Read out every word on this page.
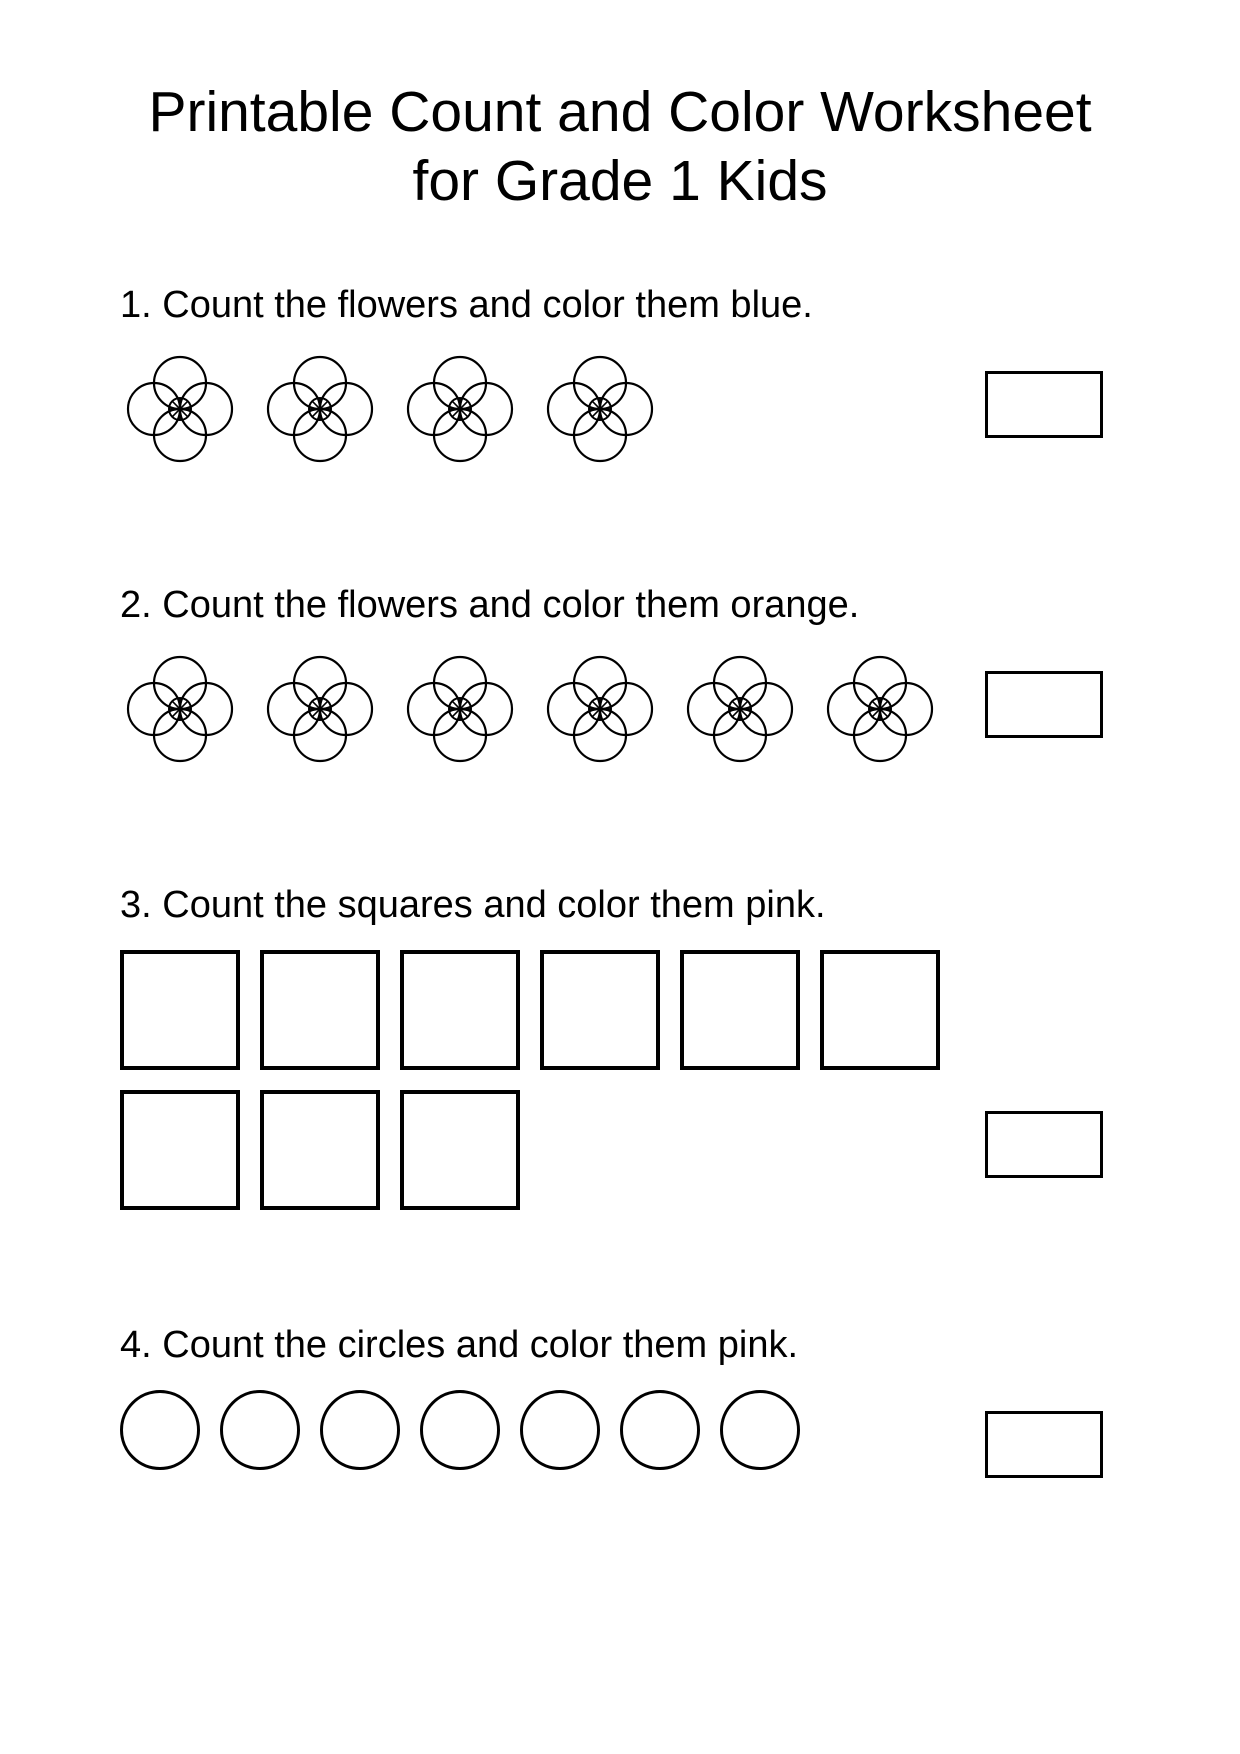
Printable Count and Color Worksheet
for Grade 1 Kids
1. Count the flowers and color them blue.
2. Count the flowers and color them orange.
3. Count the squares and color them pink.
4. Count the circles and color them pink.
